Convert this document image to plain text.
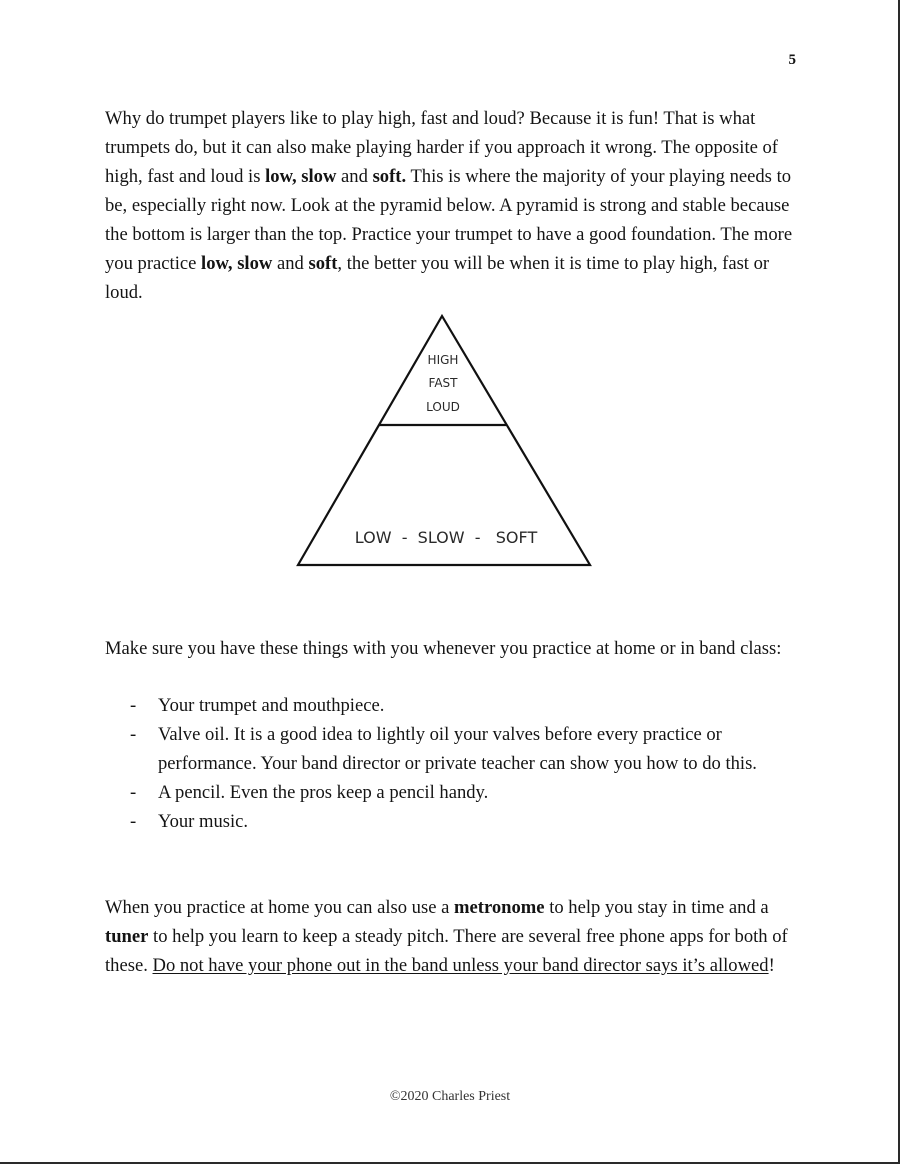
5

Why do trumpet players like to play high, fast and loud? Because it is fun! That is what trumpets do, but it can also make playing harder if you approach it wrong. The opposite of high, fast and loud is low, slow and soft. This is where the majority of your playing needs to be, especially right now. Look at the pyramid below. A pyramid is strong and stable because the bottom is larger than the top. Practice your trumpet to have a good foundation. The more you practice low, slow and soft, the better you will be when it is time to play high, fast or loud.

HIGH
FAST
LOUD
LOW  -  SLOW  -   SOFT

Make sure you have these things with you whenever you practice at home or in band class:

- Your trumpet and mouthpiece.
- Valve oil. It is a good idea to lightly oil your valves before every practice or performance. Your band director or private teacher can show you how to do this.
- A pencil. Even the pros keep a pencil handy.
- Your music.

When you practice at home you can also use a metronome to help you stay in time and a tuner to help you learn to keep a steady pitch. There are several free phone apps for both of these. Do not have your phone out in the band unless your band director says it’s allowed!

©2020 Charles Priest
